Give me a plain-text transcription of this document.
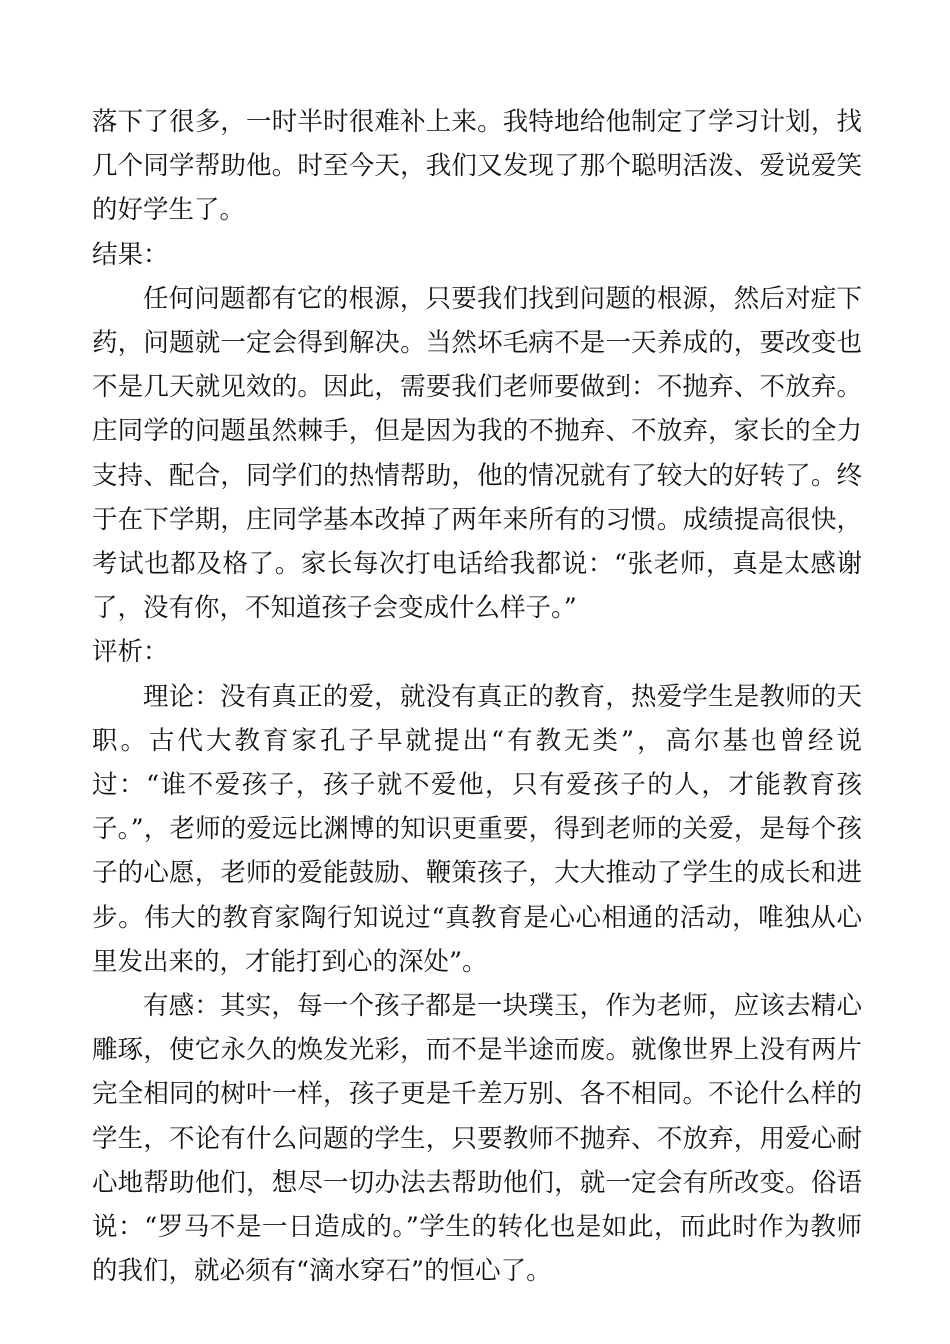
落下了很多，一时半时很难补上来。我特地给他制定了学习计划，找几个同学帮助他。时至今天，我们又发现了那个聪明活泼、爱说爱笑的好学生了。

结果：

任何问题都有它的根源，只要我们找到问题的根源，然后对症下药，问题就一定会得到解决。当然坏毛病不是一天养成的，要改变也不是几天就见效的。因此，需要我们老师要做到：不抛弃、不放弃。庄同学的问题虽然棘手，但是因为我的不抛弃、不放弃，家长的全力支持、配合，同学们的热情帮助，他的情况就有了较大的好转了。终于在下学期，庄同学基本改掉了两年来所有的习惯。成绩提高很快，考试也都及格了。家长每次打电话给我都说：“张老师，真是太感谢了，没有你，不知道孩子会变成什么样子。”

评析：

理论：没有真正的爱，就没有真正的教育，热爱学生是教师的天职。古代大教育家孔子早就提出“有教无类”，高尔基也曾经说过：“谁不爱孩子，孩子就不爱他，只有爱孩子的人，才能教育孩子。”，老师的爱远比渊博的知识更重要，得到老师的关爱，是每个孩子的心愿，老师的爱能鼓励、鞭策孩子，大大推动了学生的成长和进步。伟大的教育家陶行知说过“真教育是心心相通的活动，唯独从心里发出来的，才能打到心的深处”。

有感：其实，每一个孩子都是一块璞玉，作为老师，应该去精心雕琢，使它永久的焕发光彩，而不是半途而废。就像世界上没有两片完全相同的树叶一样，孩子更是千差万别、各不相同。不论什么样的学生，不论有什么问题的学生，只要教师不抛弃、不放弃，用爱心耐心地帮助他们，想尽一切办法去帮助他们，就一定会有所改变。俗语说：“罗马不是一日造成的。”学生的转化也是如此，而此时作为教师的我们，就必须有“滴水穿石”的恒心了。
